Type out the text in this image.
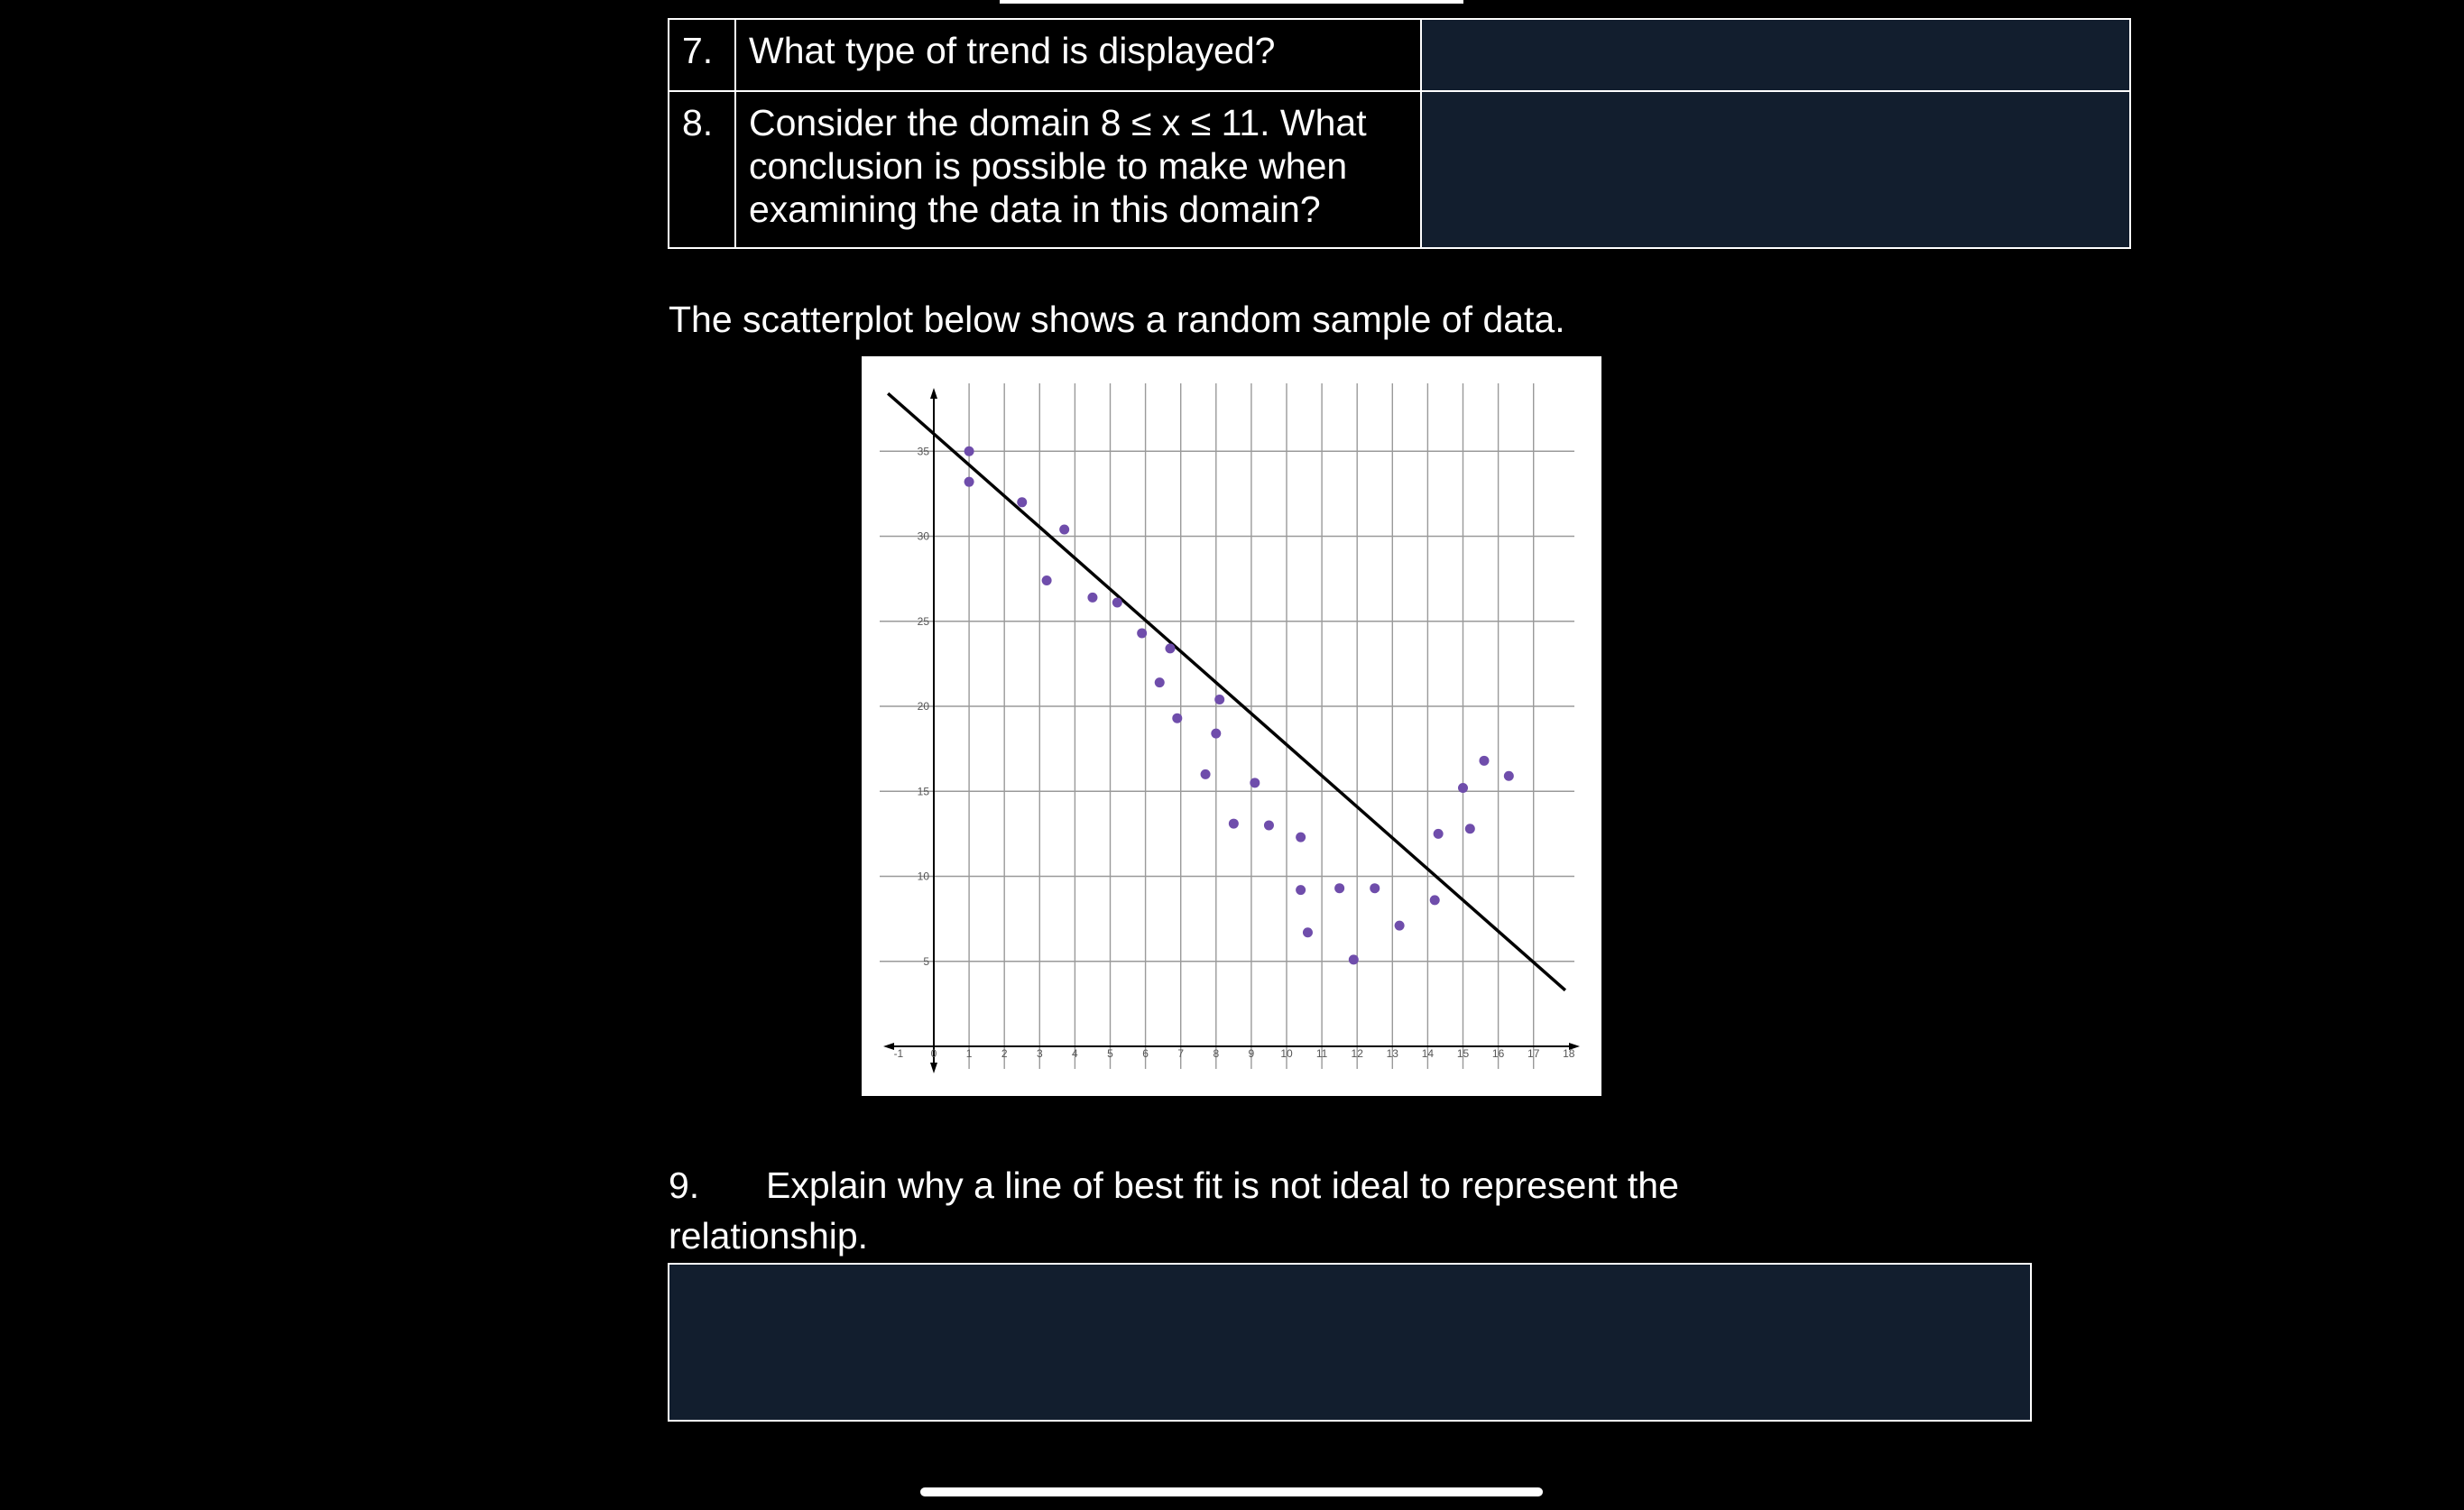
7.	What type of trend is displayed?	
8.	Consider the domain 8 ≤ x ≤ 11. What conclusion is possible to make when examining the data in this domain?	
The scatterplot below shows a random sample of data.
-1	0	1	2	3	4	5	6	7	8	9 10 11 12 13 14 15 16 17 18
5
10
15
20
25
30
35
9. Explain why a line of best fit is not ideal to represent the relationship.
